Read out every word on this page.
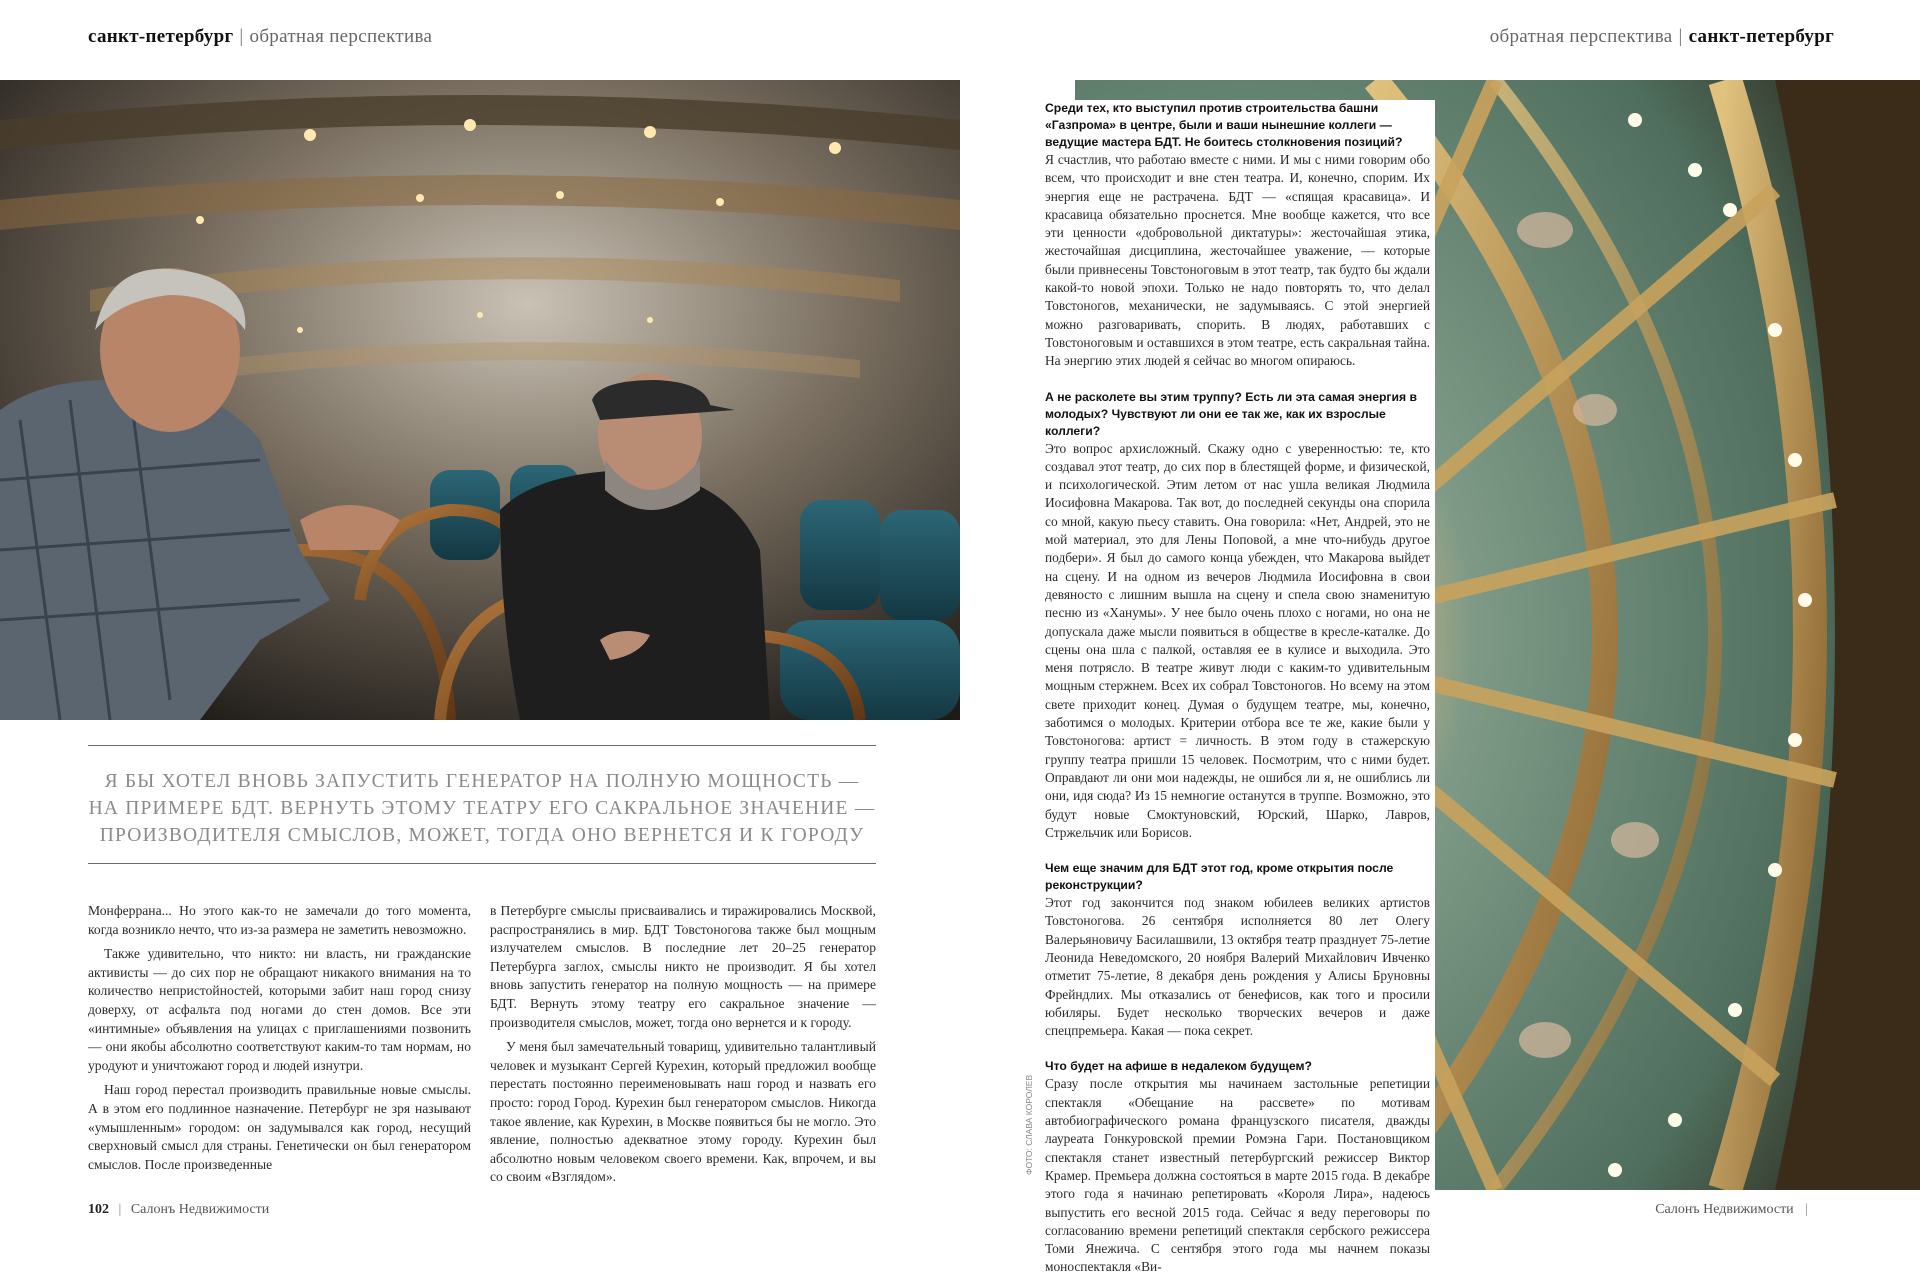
санкт-петербург | обратная перспектива	обратная перспектива | санкт-петербург

Среди тех, кто выступил против строительства башни «Газпрома» в центре, были и ваши нынешние коллеги — ведущие мастера БДТ. Не боитесь столкновения позиций?

Я счастлив, что работаю вместе с ними. И мы с ними говорим обо всем, что происходит и вне стен театра. И, конечно, спорим. Их энергия еще не растрачена. БДТ — «спящая красавица». И красавица обязательно проснется. Мне вообще кажется, что все эти ценности «добровольной диктатуры»: жесточайшая этика, жесточайшая дисциплина, жесточайшее уважение, — которые были привнесены Товстоноговым в этот театр, так будто бы ждали какой-то новой эпохи. Только не надо повторять то, что делал Товстоногов, механически, не задумываясь. С этой энергией можно разговаривать, спорить. В людях, работавших с Товстоноговым и оставшихся в этом театре, есть сакральная тайна. На энергию этих людей я сейчас во многом опираюсь.

А не расколете вы этим труппу? Есть ли эта самая энергия в молодых? Чувствуют ли они ее так же, как их взрослые коллеги?

Это вопрос архисложный. Скажу одно с уверенностью: те, кто создавал этот театр, до сих пор в блестящей форме, и физической, и психологической. Этим летом от нас ушла великая Людмила Иосифовна Макарова. Так вот, до последней секунды она спорила со мной, какую пьесу ставить. Она говорила: «Нет, Андрей, это не мой материал, это для Лены Поповой, а мне что-нибудь другое подбери». Я был до самого конца убежден, что Макарова выйдет на сцену. И на одном из вечеров Людмила Иосифовна в свои девяносто с лишним вышла на сцену и спела свою знаменитую песню из «Ханумы». У нее было очень плохо с ногами, но она не допускала даже мысли появиться в обществе в кресле-каталке. До сцены она шла с палкой, оставляя ее в кулисе и выходила. Это меня потрясло. В театре живут люди с каким-то удивительным мощным стержнем. Всех их собрал Товстоногов. Но всему на этом свете приходит конец. Думая о будущем театре, мы, конечно, заботимся о молодых. Критерии отбора все те же, какие были у Товстоногова: артист = личность. В этом году в стажерскую группу театра пришли 15 человек. Посмотрим, что с ними будет. Оправдают ли они мои надежды, не ошибся ли я, не ошиблись ли они, идя сюда? Из 15 немногие останутся в труппе. Возможно, это будут новые Смоктуновский, Юрский, Шарко, Лавров, Стржельчик или Борисов.

Чем еще значим для БДТ этот год, кроме открытия после реконструкции?

Этот год закончится под знаком юбилеев великих артистов Товстоногова. 26 сентября исполняется 80 лет Олегу Валерьяновичу Басилашвили, 13 октября театр празднует 75-летие Леонида Неведомского, 20 ноября Валерий Михайлович Ивченко отметит 75-летие, 8 декабря день рождения у Алисы Бруновны Фрейндлих. Мы отказались от бенефисов, как того и просили юбиляры. Будет несколько творческих вечеров и даже спецпремьера. Какая — пока секрет.

Что будет на афише в недалеком будущем?

Сразу после открытия мы начинаем застольные репетиции спектакля «Обещание на рассвете» по мотивам автобиографического романа французского писателя, дважды лауреата Гонкуровской премии Ромэна Гари. Постановщиком спектакля станет известный петербургский режиссер Виктор Крамер. Премьера должна состояться в марте 2015 года. В декабре этого года я начинаю репетировать «Короля Лира», надеюсь выпустить его весной 2015 года. Сейчас я веду переговоры по согласованию времени репетиций спектакля сербского режиссера Томи Янежича. С сентября этого года мы начнем показы моноспектакля «Ви-

Я БЫ ХОТЕЛ ВНОВЬ ЗАПУСТИТЬ ГЕНЕРАТОР НА ПОЛНУЮ МОЩНОСТЬ — НА ПРИМЕРЕ БДТ. ВЕРНУТЬ ЭТОМУ ТЕАТРУ ЕГО САКРАЛЬНОЕ ЗНАЧЕНИЕ — ПРОИЗВОДИТЕЛЯ СМЫСЛОВ, МОЖЕТ, ТОГДА ОНО ВЕРНЕТСЯ И К ГОРОДУ

Монферрана... Но этого как-то не замечали до того момента, когда возникло нечто, что из-за размера не заметить невозможно.

Также удивительно, что никто: ни власть, ни гражданские активисты — до сих пор не обращают никакого внимания на то количество непристойностей, которыми забит наш город снизу доверху, от асфальта под ногами до стен домов. Все эти «интимные» объявления на улицах с приглашениями позвонить — они якобы абсолютно соответствуют каким-то там нормам, но уродуют и уничтожают город и людей изнутри.

Наш город перестал производить правильные новые смыслы. А в этом его подлинное назначение. Петербург не зря называют «умышленным» городом: он задумывался как город, несущий сверхновый смысл для страны. Генетически он был генератором смыслов. После произведенные

в Петербурге смыслы присваивались и тиражировались Москвой, распространялись в мир. БДТ Товстоногова также был мощным излучателем смыслов. В последние лет 20–25 генератор Петербурга заглох, смыслы никто не производит. Я бы хотел вновь запустить генератор на полную мощность — на примере БДТ. Вернуть этому театру его сакральное значение — производителя смыслов, может, тогда оно вернется и к городу.

У меня был замечательный товарищ, удивительно талантливый человек и музыкант Сергей Курехин, который предложил вообще перестать постоянно переименовывать наш город и назвать его просто: город Город. Курехин был генератором смыслов. Никогда такое явление, как Курехин, в Москве появиться бы не могло. Это явление, полностью адекватное этому городу. Курехин был абсолютно новым человеком своего времени. Как, впрочем, и вы со своим «Взглядом».

ФОТО: СЛАВА КОРОЛЕВ
102 | Салонъ Недвижимости	Салонъ Недвижимости |
